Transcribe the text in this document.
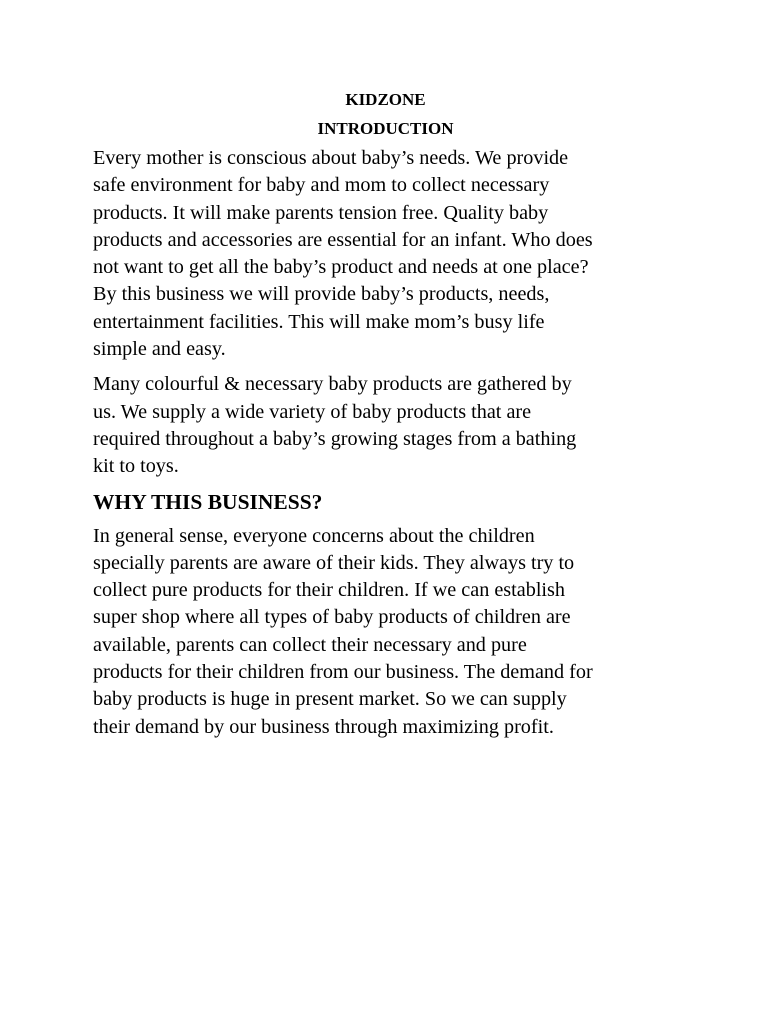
KIDZONE

INTRODUCTION

Every mother is conscious about baby’s needs. We provide
safe environment for baby and mom to collect necessary
products. It will make parents tension free. Quality baby
products and accessories are essential for an infant. Who does
not want to get all the baby’s product and needs at one place?
By this business we will provide baby’s products, needs,
entertainment facilities. This will make mom’s busy life
simple and easy.

Many colourful & necessary baby products are gathered by
us. We supply a wide variety of baby products that are
required throughout a baby’s growing stages from a bathing
kit to toys.

WHY THIS BUSINESS?

In general sense, everyone concerns about the children
specially parents are aware of their kids. They always try to
collect pure products for their children. If we can establish
super shop where all types of baby products of children are
available, parents can collect their necessary and pure
products for their children from our business. The demand for
baby products is huge in present market. So we can supply
their demand by our business through maximizing profit.
